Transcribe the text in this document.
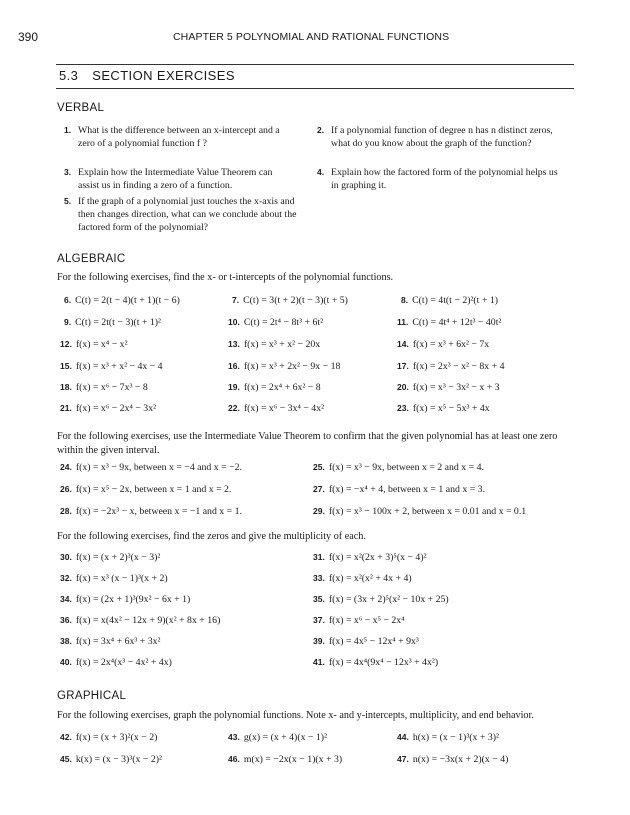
390	CHAPTER 5 POLYNOMIAL AND RATIONAL FUNCTIONS
5.3 SECTION EXERCISES
VERBAL
1. What is the difference between an x-intercept and a zero of a polynomial function f ?
2. If a polynomial function of degree n has n distinct zeros, what do you know about the graph of the function?
3. Explain how the Intermediate Value Theorem can assist us in finding a zero of a function.
4. Explain how the factored form of the polynomial helps us in graphing it.
5. If the graph of a polynomial just touches the x-axis and then changes direction, what can we conclude about the factored form of the polynomial?
ALGEBRAIC
For the following exercises, find the x- or t-intercepts of the polynomial functions.
6. C(t) = 2(t − 4)(t + 1)(t − 6)	7. C(t) = 3(t + 2)(t − 3)(t + 5)	8. C(t) = 4t(t − 2)²(t + 1)
9. C(t) = 2t(t − 3)(t + 1)²	10. C(t) = 2t⁴ − 8t³ + 6t²	11. C(t) = 4t⁴ + 12t³ − 40t²
12. f(x) = x⁴ − x²	13. f(x) = x³ + x² − 20x	14. f(x) = x³ + 6x² − 7x
15. f(x) = x³ + x² − 4x − 4	16. f(x) = x³ + 2x² − 9x − 18	17. f(x) = 2x³ − x² − 8x + 4
18. f(x) = x⁶ − 7x³ − 8	19. f(x) = 2x⁴ + 6x² − 8	20. f(x) = x³ − 3x² − x + 3
21. f(x) = x⁶ − 2x⁴ − 3x²	22. f(x) = x⁶ − 3x⁴ − 4x²	23. f(x) = x⁵ − 5x³ + 4x
For the following exercises, use the Intermediate Value Theorem to confirm that the given polynomial has at least one zero within the given interval.
24. f(x) = x³ − 9x, between x = −4 and x = −2.	25. f(x) = x³ − 9x, between x = 2 and x = 4.
26. f(x) = x⁵ − 2x, between x = 1 and x = 2.	27. f(x) = −x⁴ + 4, between x = 1 and x = 3.
28. f(x) = −2x³ − x, between x = −1 and x = 1.	29. f(x) = x³ − 100x + 2, between x = 0.01 and x = 0.1
For the following exercises, find the zeros and give the multiplicity of each.
30. f(x) = (x + 2)³(x − 3)²	31. f(x) = x²(2x + 3)⁵(x − 4)²
32. f(x) = x³ (x − 1)³(x + 2)	33. f(x) = x²(x² + 4x + 4)
34. f(x) = (2x + 1)³(9x² − 6x + 1)	35. f(x) = (3x + 2)⁵(x² − 10x + 25)
36. f(x) = x(4x² − 12x + 9)(x² + 8x + 16)	37. f(x) = x⁶ − x⁵ − 2x⁴
38. f(x) = 3x⁴ + 6x³ + 3x²	39. f(x) = 4x⁵ − 12x⁴ + 9x³
40. f(x) = 2x⁴(x³ − 4x² + 4x)	41. f(x) = 4x⁴(9x⁴ − 12x³ + 4x²)
GRAPHICAL
For the following exercises, graph the polynomial functions. Note x- and y-intercepts, multiplicity, and end behavior.
42. f(x) = (x + 3)²(x − 2)	43. g(x) = (x + 4)(x − 1)²	44. h(x) = (x − 1)³(x + 3)²
45. k(x) = (x − 3)³(x − 2)²	46. m(x) = −2x(x − 1)(x + 3)	47. n(x) = −3x(x + 2)(x − 4)
